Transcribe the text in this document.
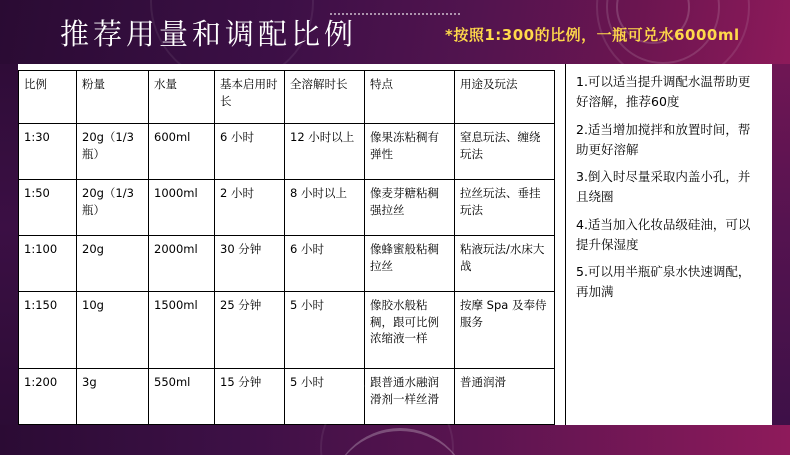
推荐用量和调配比例	*按照1:300的比例，一瓶可兑水6000ml
比例	粉量	水量	基本启用时长	全溶解时长	特点	用途及玩法
1:30	20g（1/3瓶）	600ml	6 小时	12 小时以上	像果冻粘稠有弹性	窒息玩法、缠绕玩法
1:50	20g（1/3瓶）	1000ml	2 小时	8 小时以上	像麦芽糖粘稠强拉丝	拉丝玩法、垂挂玩法
1:100	20g	2000ml	30 分钟	6 小时	像蜂蜜般粘稠拉丝	粘液玩法/水床大战
1:150	10g	1500ml	25 分钟	5 小时	像胶水般粘稠，跟可比例浓缩液一样	按摩 Spa 及奉侍服务
1:200	3g	550ml	15 分钟	5 小时	跟普通水融润滑剂一样丝滑	普通润滑
1.可以适当提升调配水温帮助更好溶解，推荐60度
2.适当增加搅拌和放置时间，帮助更好溶解
3.倒入时尽量采取内盖小孔，并且绕圈
4.适当加入化妆品级硅油，可以提升保湿度
5.可以用半瓶矿泉水快速调配，再加满
